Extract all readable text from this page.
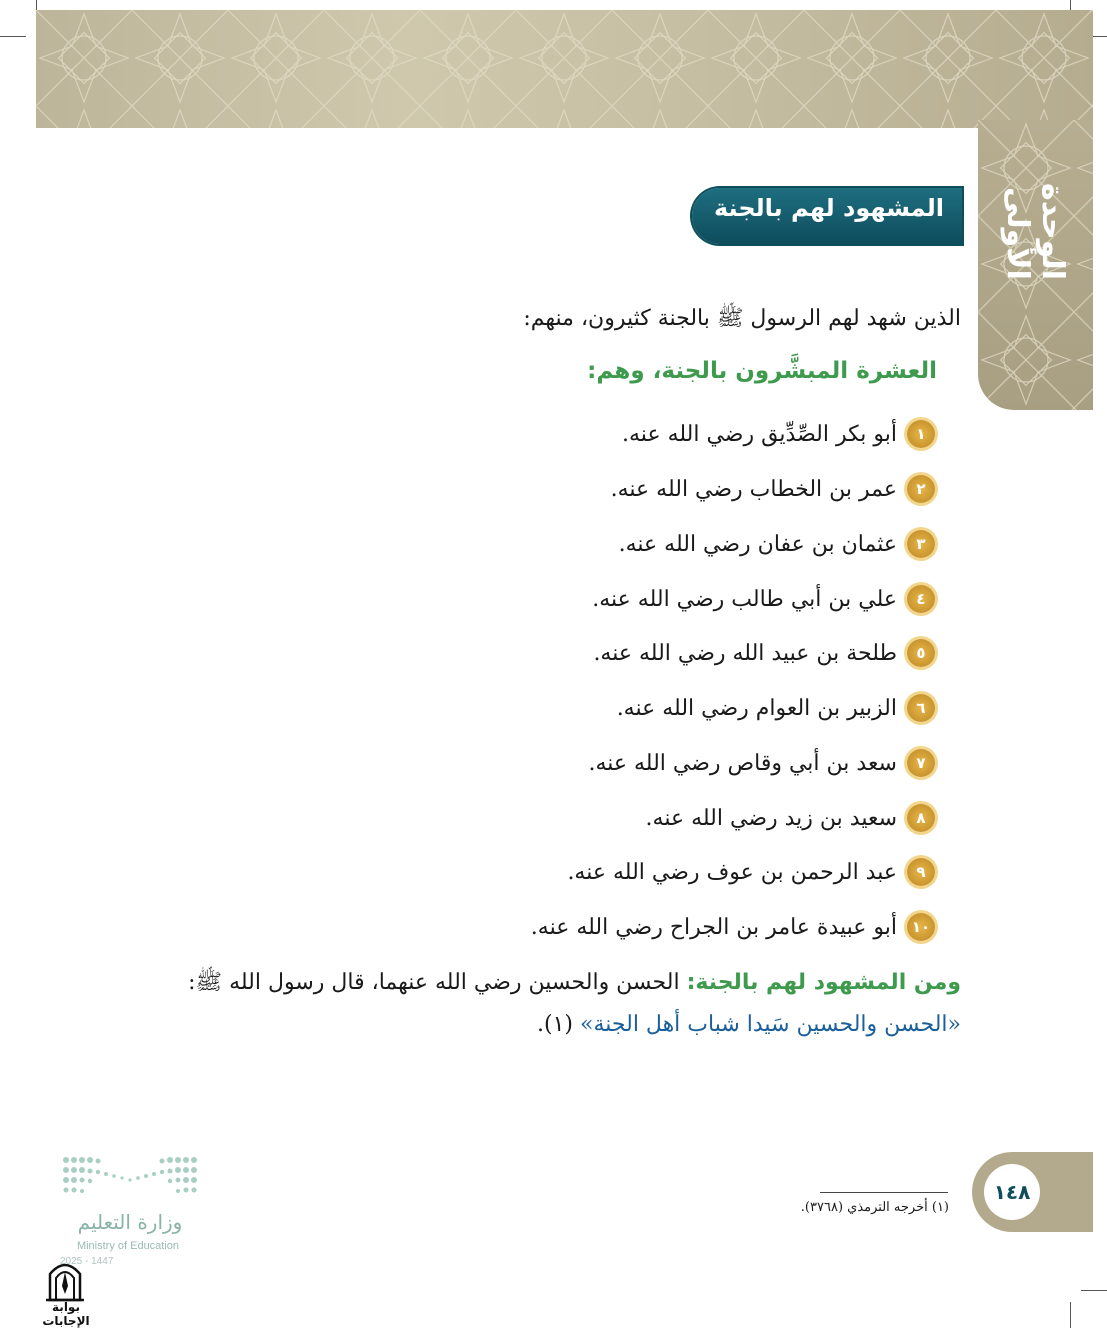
الوحدة الأولى
المشهود لهم بالجنة
الذين شهد لهم الرسول ﷺ بالجنة كثيرون، منهم:
العشرة المبشَّرون بالجنة، وهم:
١
أبو بكر الصِّدِّيق رضي الله عنه.
٢
عمر بن الخطاب رضي الله عنه.
٣
عثمان بن عفان رضي الله عنه.
٤
علي بن أبي طالب رضي الله عنه.
٥
طلحة بن عبيد الله رضي الله عنه.
٦
الزبير بن العوام رضي الله عنه.
٧
سعد بن أبي وقاص رضي الله عنه.
٨
سعيد بن زيد رضي الله عنه.
٩
عبد الرحمن بن عوف رضي الله عنه.
١٠
أبو عبيدة عامر بن الجراح رضي الله عنه.
ومن المشهود لهم بالجنة: الحسن والحسين رضي الله عنهما، قال رسول الله ﷺ: «الحسن والحسين سَيدا شباب أهل الجنة» (١).
(١) أخرجه الترمذي (٣٧٦٨).
١٤٨
وزارة التعليم
Ministry of Education
2025 - 1447
بوابة الإجابات
